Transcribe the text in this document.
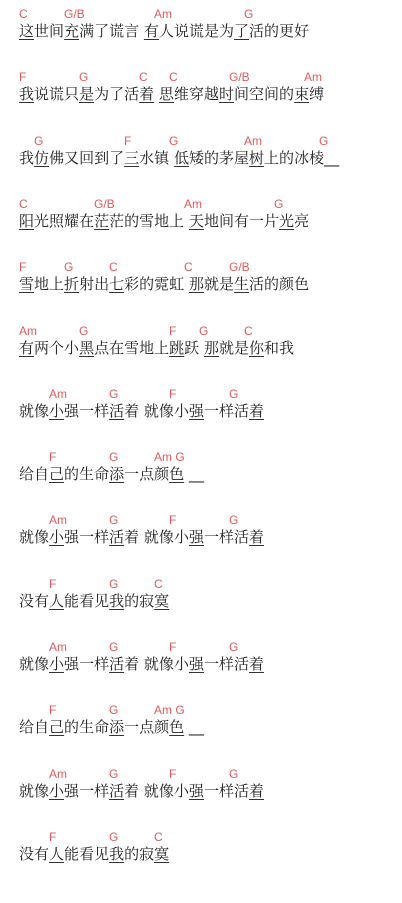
C	G/B	Am	G
这世间充满了谎言 有人说谎是为了活的更好
F	G	C C	G/B	Am
我说谎只是为了活着 思维穿越时间空间的束缚
G	F	G	Am	G
我仿佛又回到了三水镇 低矮的茅屋树上的冰棱__
C	G/B	Am	G
阳光照耀在茫茫的雪地上 天地间有一片光亮
F	G	C	C	G/B
雪地上折射出七彩的霓虹 那就是生活的颜色
Am	G	F G	C
有两个小黑点在雪地上跳跃 那就是你和我
Am	G	F	G
就像小强一样活着 就像小强一样活着
F	G	Am G
给自己的生命添一点颜色 __
Am	G	F	G
就像小强一样活着 就像小强一样活着
F	G	C
没有人能看见我的寂寞
Am	G	F	G
就像小强一样活着 就像小强一样活着
F	G	Am G
给自己的生命添一点颜色 __
Am	G	F	G
就像小强一样活着 就像小强一样活着
F	G	C
没有人能看见我的寂寞
